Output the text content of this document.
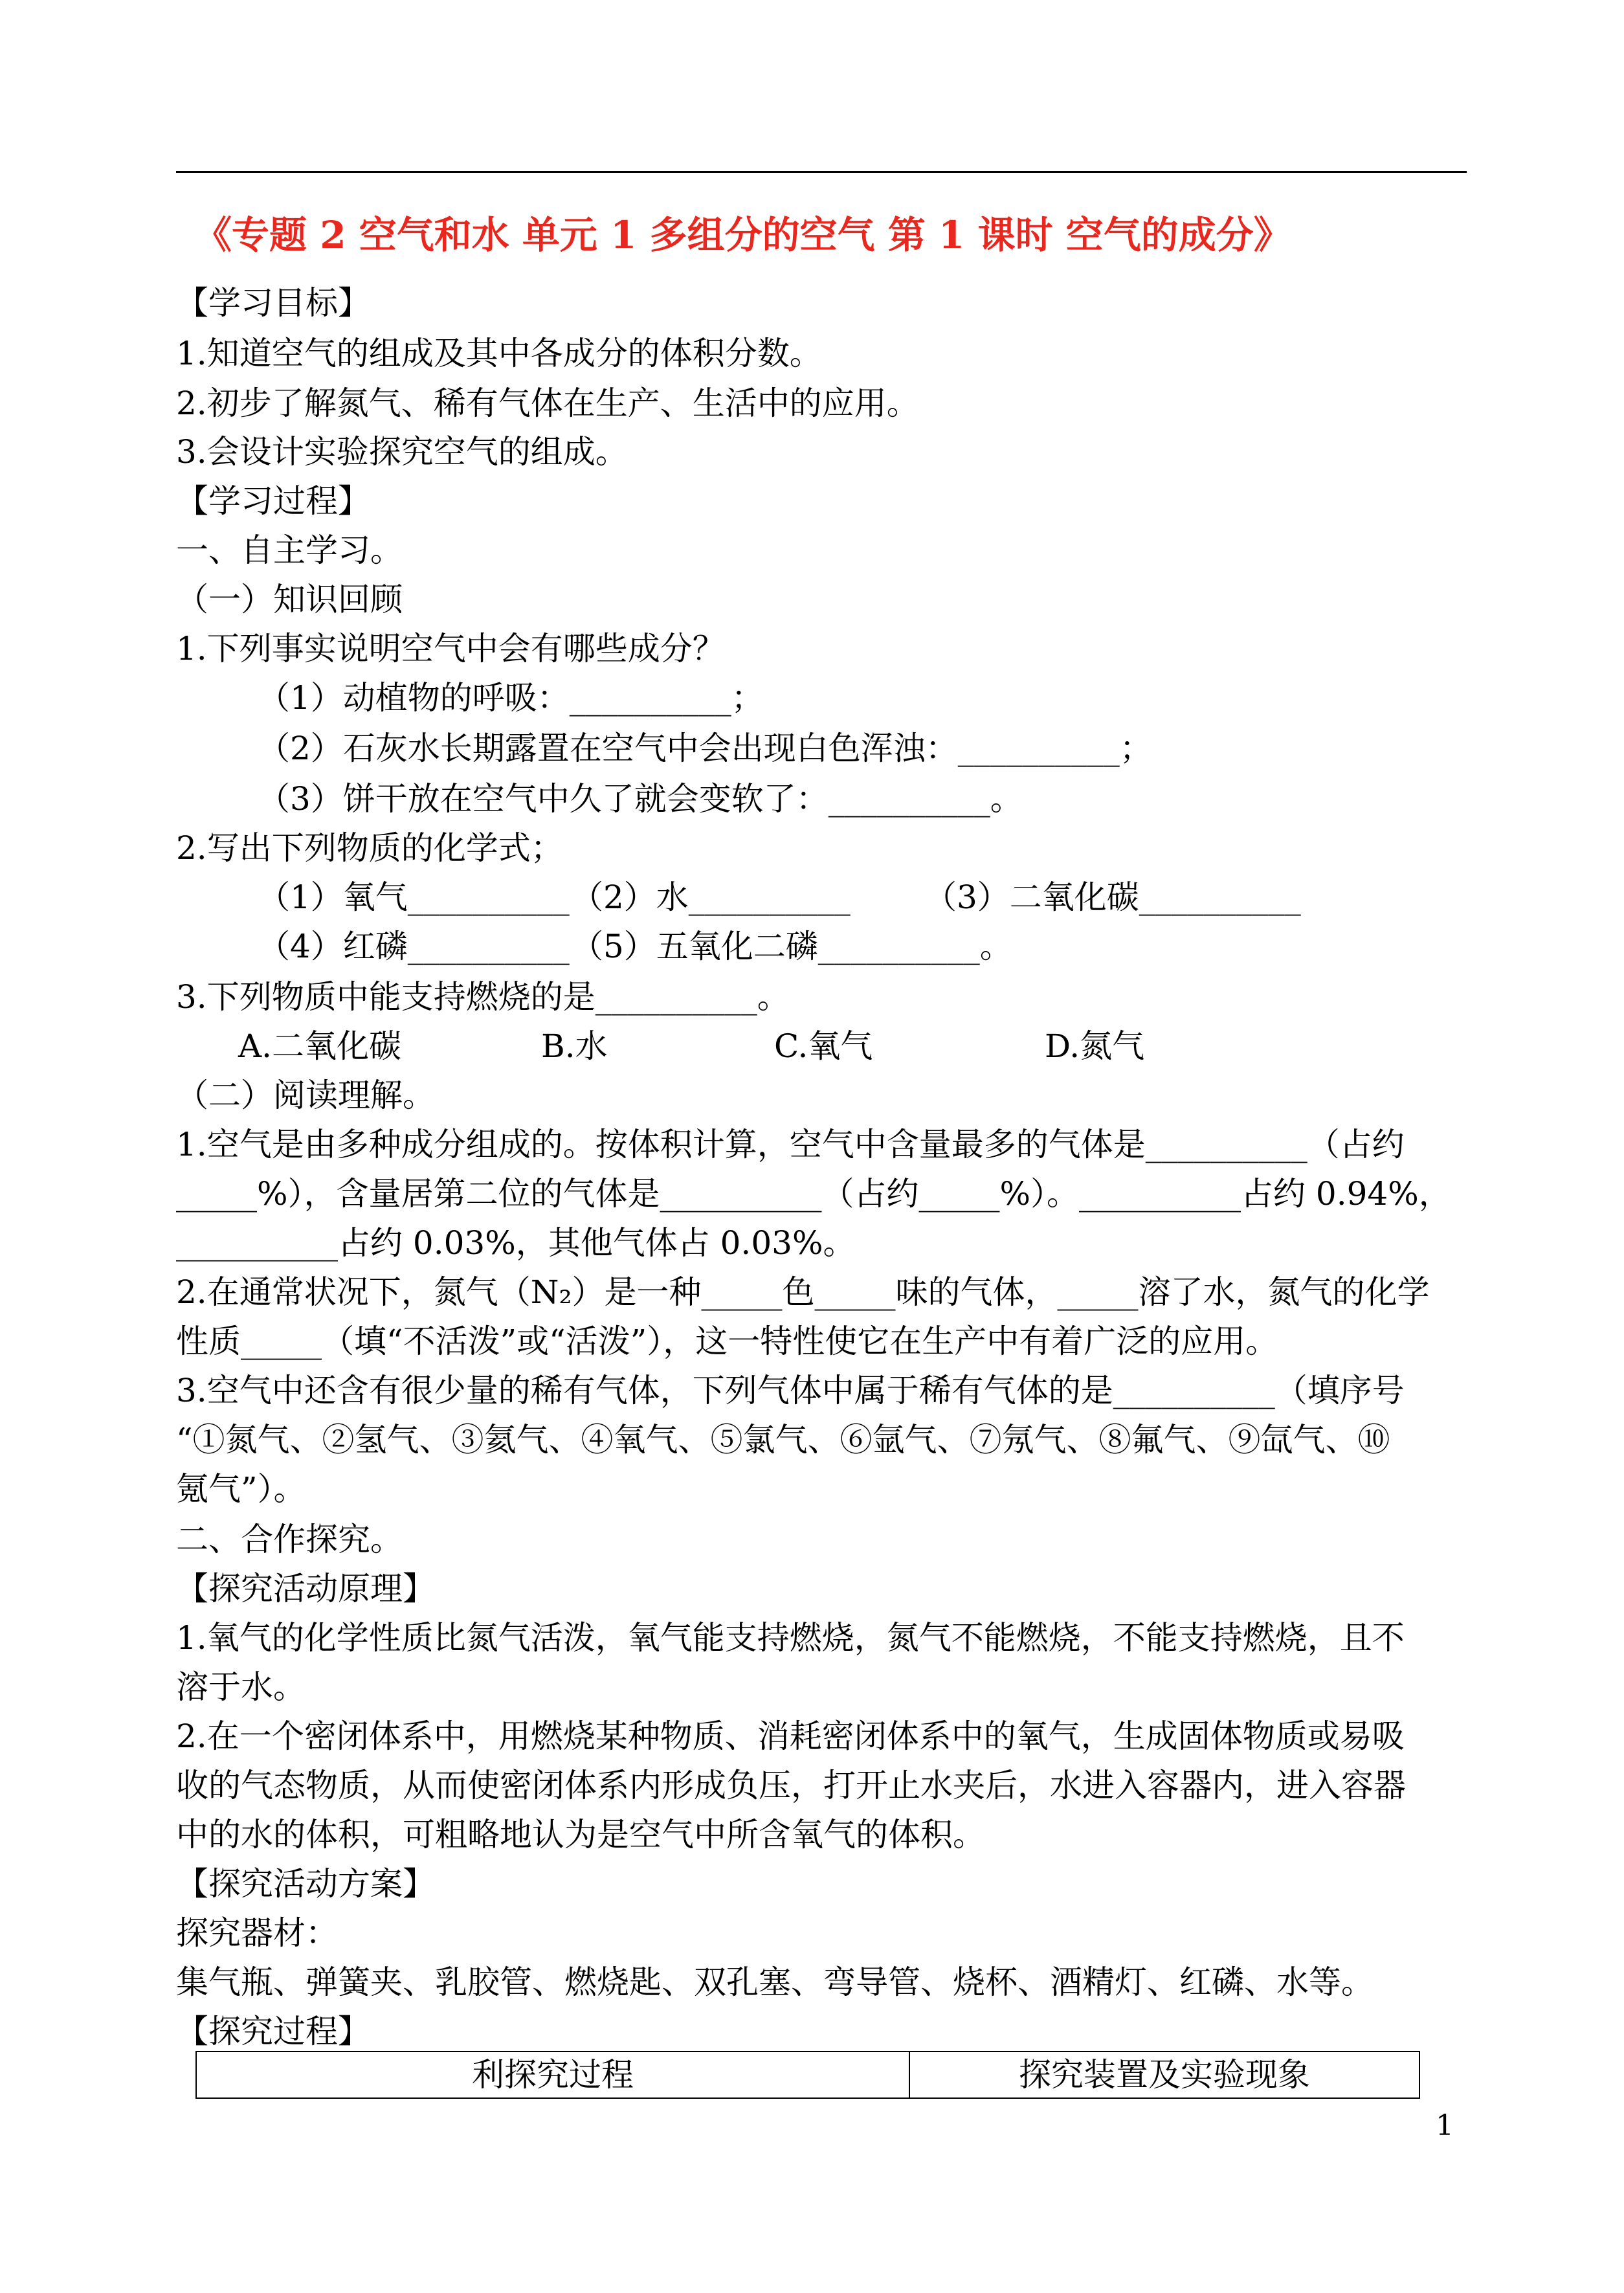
《专题 2 空气和水 单元 1 多组分的空气 第 1 课时 空气的成分》
【学习目标】
1.知道空气的组成及其中各成分的体积分数。
2.初步了解氮气、稀有气体在生产、生活中的应用。
3.会设计实验探究空气的组成。
【学习过程】
一、自主学习。
（一）知识回顾
1.下列事实说明空气中会有哪些成分？
（1）动植物的呼吸：__________；
（2）石灰水长期露置在空气中会出现白色浑浊：__________；
（3）饼干放在空气中久了就会变软了：__________。
2.写出下列物质的化学式；
（1）氧气__________ （2）水__________ （3）二氧化碳__________
（4）红磷__________ （5）五氧化二磷__________。
3.下列物质中能支持燃烧的是__________。
A.二氧化碳	B.水	C.氧气	D.氮气
（二）阅读理解。
1.空气是由多种成分组成的。按体积计算，空气中含量最多的气体是__________（占约
_____%），含量居第二位的气体是__________（占约_____%）。__________占约 0.94%，
__________占约 0.03%，其他气体占 0.03%。
2.在通常状况下，氮气（N₂）是一种_____色_____味的气体，_____溶了水，氮气的化学
性质_____（填“不活泼”或“活泼”），这一特性使它在生产中有着广泛的应用。
3.空气中还含有很少量的稀有气体，下列气体中属于稀有气体的是__________（填序号
“①氮气、②氢气、③氦气、④氧气、⑤氯气、⑥氩气、⑦氖气、⑧氟气、⑨氙气、⑩
氪气”）。
二、合作探究。
【探究活动原理】
1.氧气的化学性质比氮气活泼，氧气能支持燃烧，氮气不能燃烧，不能支持燃烧，且不
溶于水。
2.在一个密闭体系中，用燃烧某种物质、消耗密闭体系中的氧气，生成固体物质或易吸
收的气态物质，从而使密闭体系内形成负压，打开止水夹后，水进入容器内，进入容器
中的水的体积，可粗略地认为是空气中所含氧气的体积。
【探究活动方案】
探究器材：
集气瓶、弹簧夹、乳胶管、燃烧匙、双孔塞、弯导管、烧杯、酒精灯、红磷、水等。
【探究过程】
利探究过程	探究装置及实验现象
1
